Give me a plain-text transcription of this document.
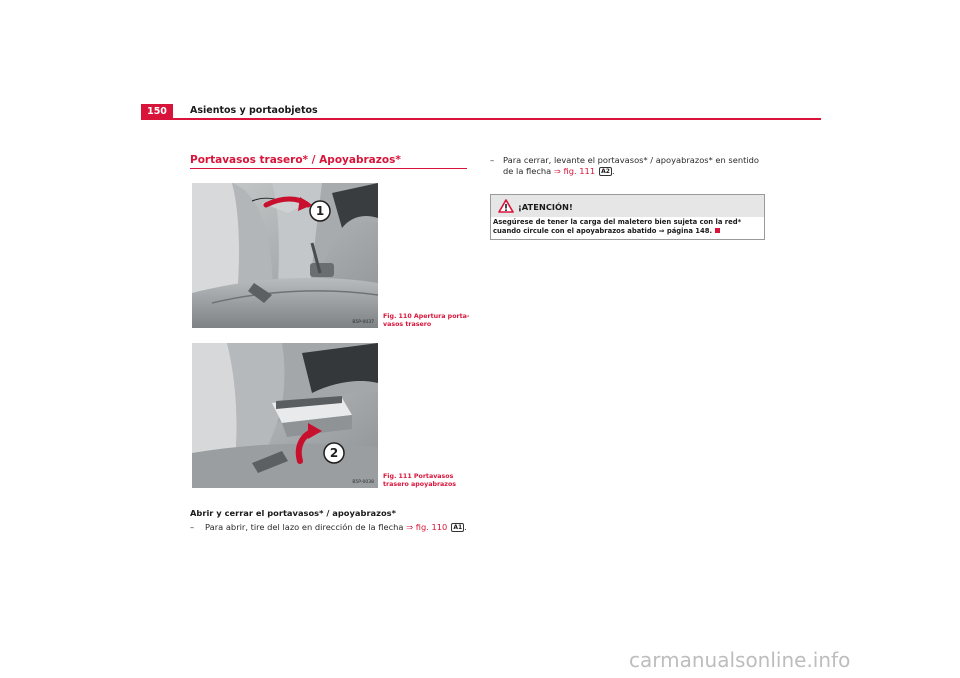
150	Asientos y portaobjetos
Portavasos trasero* / Apoyabrazos*
1
B5P-0037
Fig. 110 Apertura porta-vasos trasero
2
B5P-0038
Fig. 111 Portavasos trasero apoyabrazos
Abrir y cerrar el portavasos* / apoyabrazos*
–	Para abrir, tire del lazo en dirección de la flecha ⇒ fig. 110 A1 .
–	Para cerrar, levante el portavasos* / apoyabrazos* en sentido de la flecha ⇒ fig. 111 A2 .
¡ATENCIÓN!
Asegúrese de tener la carga del maletero bien sujeta con la red* cuando circule con el apoyabrazos abatido ⇒ página 148.
carmanualsonline.info
